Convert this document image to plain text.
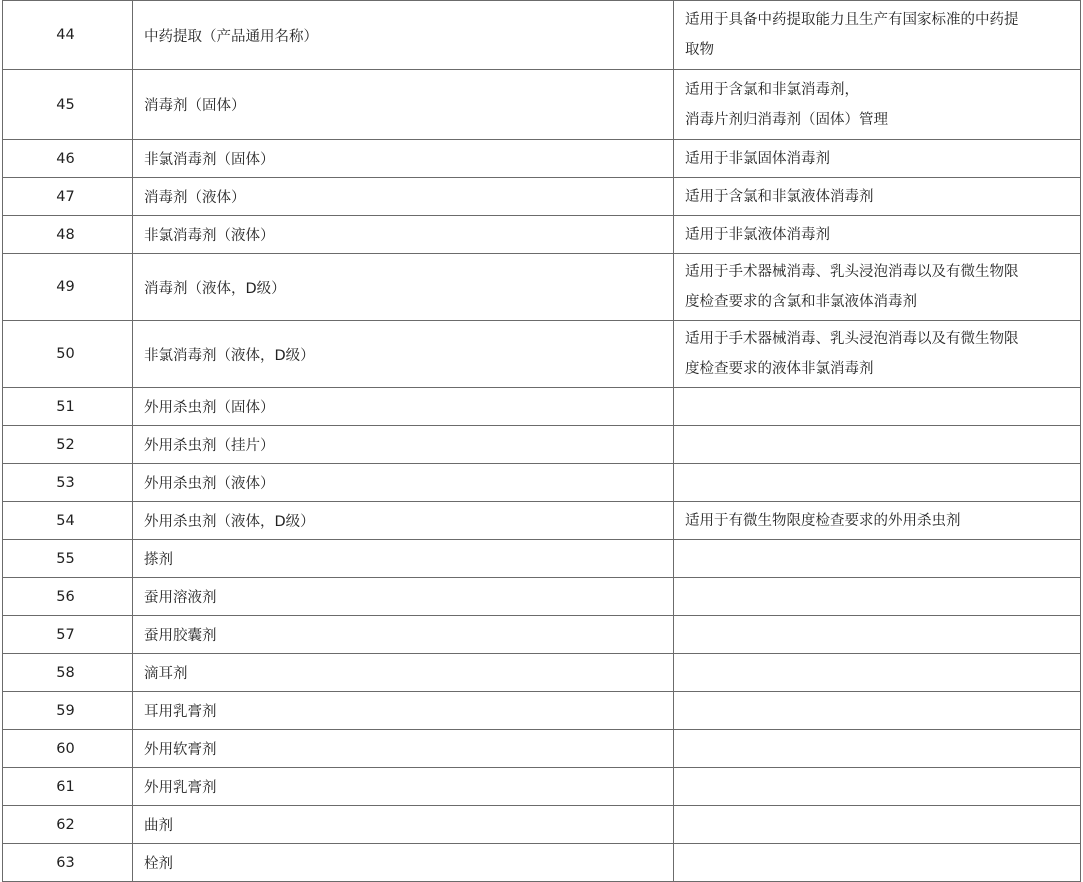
44	中药提取（产品通用名称）	适用于具备中药提取能力且生产有国家标准的中药提
取物

45	消毒剂（固体）	适用于含氯和非氯消毒剂，
消毒片剂归消毒剂（固体）管理

46	非氯消毒剂（固体）	适用于非氯固体消毒剂

47	消毒剂（液体）	适用于含氯和非氯液体消毒剂

48	非氯消毒剂（液体）	适用于非氯液体消毒剂

49	消毒剂（液体，D级）	适用于手术器械消毒、乳头浸泡消毒以及有微生物限
度检查要求的含氯和非氯液体消毒剂

50	非氯消毒剂（液体，D级）	适用于手术器械消毒、乳头浸泡消毒以及有微生物限
度检查要求的液体非氯消毒剂

51	外用杀虫剂（固体）	
52	外用杀虫剂（挂片）	
53	外用杀虫剂（液体）	
54	外用杀虫剂（液体，D级）	适用于有微生物限度检查要求的外用杀虫剂

55	搽剂	
56	蚕用溶液剂	
57	蚕用胶囊剂	
58	滴耳剂	
59	耳用乳膏剂	
60	外用软膏剂	
61	外用乳膏剂	
62	曲剂	
63	栓剂	
